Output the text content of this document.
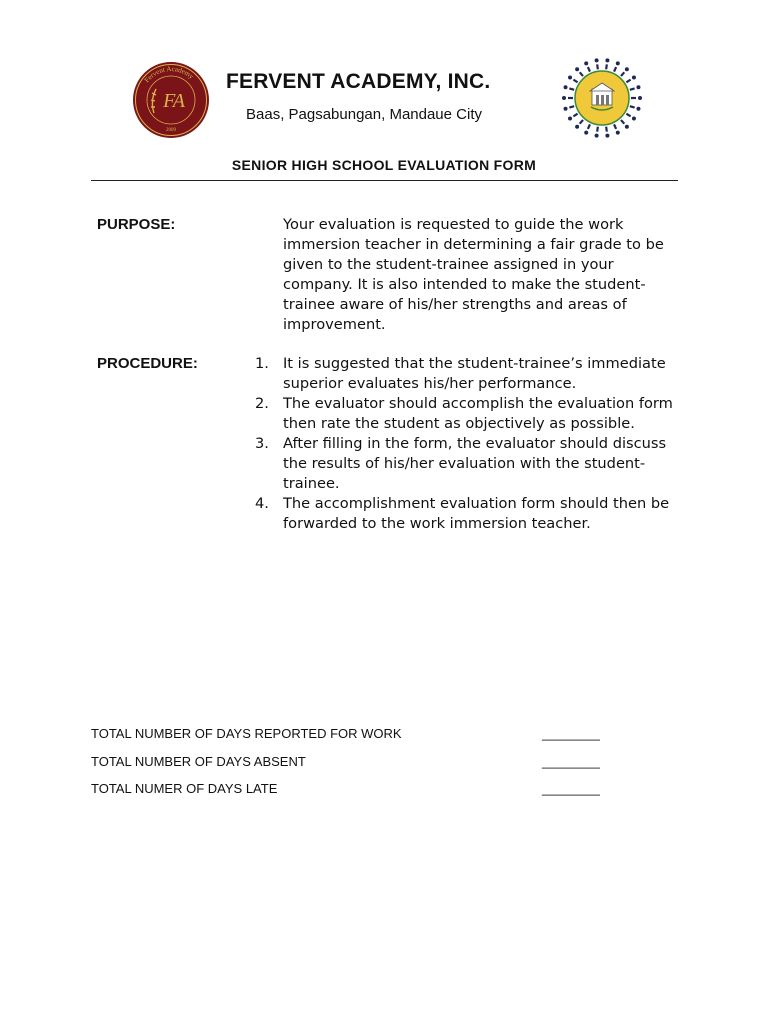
Fervent Academy
FA
2009
FERVENT ACADEMY, INC.
Baas, Pagsabungan, Mandaue City
SENIOR HIGH SCHOOL EVALUATION FORM
PURPOSE:	Your evaluation is requested to guide the work immersion teacher in determining a fair grade to be given to the student-trainee assigned in your company. It is also intended to make the student-trainee aware of his/her strengths and areas of improvement.

PROCEDURE:	1. It is suggested that the student-trainee’s immediate superior evaluates his/her performance.
2. The evaluator should accomplish the evaluation form then rate the student as objectively as possible.
3. After filling in the form, the evaluator should discuss the results of his/her evaluation with the student-trainee.
4. The accomplishment evaluation form should then be forwarded to the work immersion teacher.
TOTAL NUMBER OF DAYS REPORTED FOR WORK	________
TOTAL NUMBER OF DAYS ABSENT	________
TOTAL NUMER OF DAYS LATE	________
